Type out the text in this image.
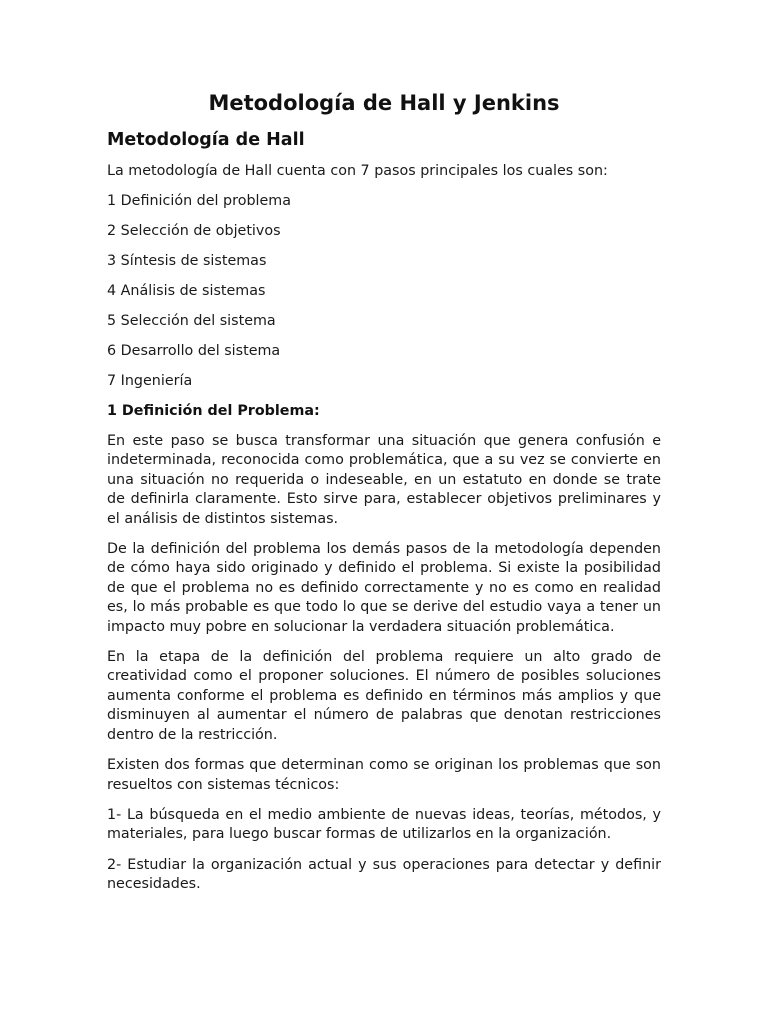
Metodología de Hall y Jenkins
Metodología de Hall

La metodología de Hall cuenta con 7 pasos principales los cuales son:

1 Definición del problema
2 Selección de objetivos
3 Síntesis de sistemas
4 Análisis de sistemas
5 Selección del sistema
6 Desarrollo del sistema
7 Ingeniería
1 Definición del Problema:

En este paso se busca transformar una situación que genera confusión e indeterminada, reconocida como problemática, que a su vez se convierte en una situación no requerida o indeseable, en un estatuto en donde se trate de definirla claramente. Esto sirve para, establecer objetivos preliminares y el análisis de distintos sistemas.

De la definición del problema los demás pasos de la metodología dependen de cómo haya sido originado y definido el problema. Si existe la posibilidad de que el problema no es definido correctamente y no es como en realidad es, lo más probable es que todo lo que se derive del estudio vaya a tener un impacto muy pobre en solucionar la verdadera situación problemática.

En la etapa de la definición del problema requiere un alto grado de creatividad como el proponer soluciones. El número de posibles soluciones aumenta conforme el problema es definido en términos más amplios y que disminuyen al aumentar el número de palabras que denotan restricciones dentro de la restricción.

Existen dos formas que determinan como se originan los problemas que son resueltos con sistemas técnicos:

1- La búsqueda en el medio ambiente de nuevas ideas, teorías, métodos, y materiales, para luego buscar formas de utilizarlos en la organización.

2- Estudiar la organización actual y sus operaciones para detectar y definir necesidades.
